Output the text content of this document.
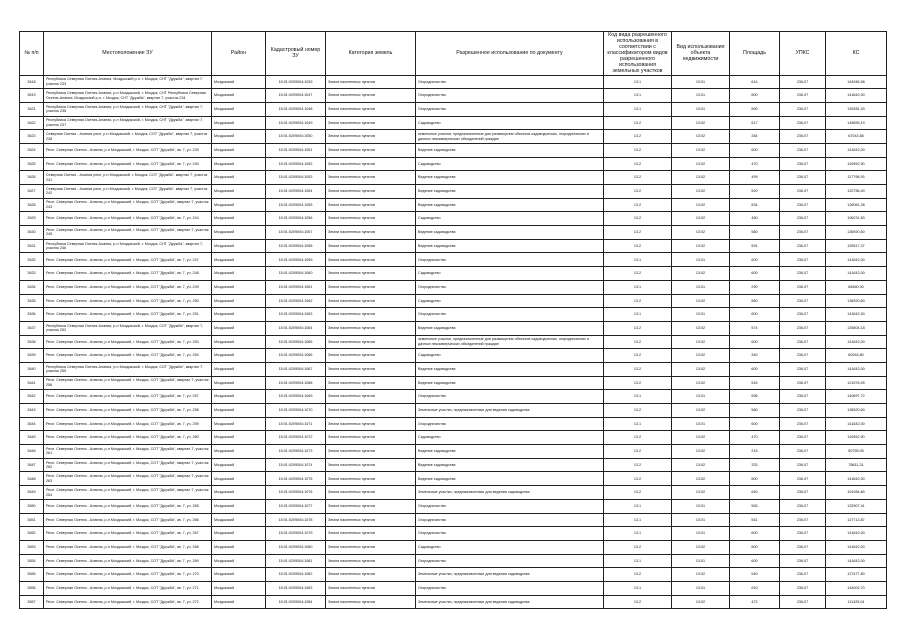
№ п/п	Местоположение ЗУ	Район	Кадастровый номер ЗУ	Категория земель	Разрешенное использование по документу	Код вида разрешенного использования в соответствии с классификатором видов разрешенного использования земельных участков	Вид использования объекта недвижимости	Площадь	УПКС	КС
3618	Республика Северная Осетия-Алания, Моздокский р-н, г. Моздок, СНТ "Дружба", квартал 7, участок 233	Моздокский	15:01:0209004:1039	Земли населенных пунктов	Огородничество	13.1	13:01	614	236,07	144946,98
3619	Республика Северная Осетия-Алания, р-н Моздокский, г. Моздок, СНТ Республика Северная Осетия-Алания, Моздокский р-н, г. Моздок, СНТ "Дружба", квартал 7, участок 234	Моздокский	15:01:0209004:1047	Земли населенных пунктов	Огородничество	13.1	13:01	600	236,07	141642,00
3621	Республика Северная Осетия-Алания, р-н Моздокский, г. Моздок, СНТ "Дружба", квартал 7, участок 236	Моздокский	15:01:0209004:1048	Земли населенных пунктов	Огородничество	13.1	13:01	590	236,07	139281,30
3622	Республика Северная Осетия-Алания, р-н Моздокский, г. Моздок, СНТ "Дружба", квартал 7, участок 237	Моздокский	15:01:0209004:1049	Земли населенных пунктов	Садоводство	13.2	13:02	617	236,07	145655,19
3623	Северная Осетия - Алания респ, р-н Моздокский, г. Моздок, СОТ "Дружба", квартал 7, участок 238	Моздокский	15:01:0209004:1050	Земли населенных пунктов	земельные участки, предназначенные для размещения объектов садоводческих, огороднических и дачных некоммерческих объединений граждан	13.2	13:02	284	236,07	67043,88
3624	Респ. Северная Осетия - Алания, р-н Моздокский, г. Моздок, СОТ "Дружба", кв. 7, уч. 239	Моздокский	15:01:0209004:1051	Земли населенных пунктов	Ведение садоводства	13.2	13:02	600	236,07	141642,00
3625	Респ. Северная Осетия - Алания, р-н Моздокский, г. Моздок, СОТ "Дружба", кв. 7, уч. 240	Моздокский	15:01:0209004:1052	Земли населенных пунктов	Садоводство	13.2	13:02	470	236,07	110952,90
3626	Северная Осетия - Алания респ, р-н Моздокский, г. Моздок, СОТ "Дружба", квартал 7, участок 241	Моздокский	15:01:0209004:1053	Земли населенных пунктов	Ведение садоводства	13.2	13:02	499	236,07	117798,93
3627	Северная Осетия - Алания респ, р-н Моздокский, г. Моздок, СОТ "Дружба", квартал 7, участок 242	Моздокский	15:01:0209004:1054	Земли населенных пунктов	Ведение садоводства	13.2	13:02	520	236,07	122756,40
3628	Респ. Северная Осетия - Алания, р-н Моздокский, г. Моздок, СОТ "Дружба", квартал 7, участок 243	Моздокский	15:01:0209004:1055	Земли населенных пунктов	Ведение садоводства	13.2	13:02	534	236,07	126061,38
3629	Респ. Северная Осетия - Алания, р-н Моздокский, г. Моздок, СОТ "Дружба", кв. 7, уч. 244	Моздокский	15:01:0209004:1056	Земли населенных пунктов	Садоводство	13.2	13:02	450	236,07	106231,50
3630	Респ. Северная Осетия - Алания, р-н Моздокский, г. Моздок, СОТ "Дружба", квартал 7, участок 245	Моздокский	15:01:0209004:1057	Земли населенных пунктов	Ведение садоводства	13.2	13:02	580	236,07	136920,60
3631	Республика Северная Осетия-Алания, р-н Моздокский, г. Моздок, СНТ "Дружба", квартал 7, участок 246	Моздокский	15:01:0209004:1058	Земли населенных пунктов	Ведение садоводства	13.2	13:02	591	236,07	139517,37
3632	Респ. Северная Осетия - Алания, р-н Моздокский, г. Моздок, СОТ "Дружба", кв. 7, уч. 247	Моздокский	15:01:0209004:1059	Земли населенных пунктов	Огородничество	13.1	13:01	600	236,07	141642,00
3633	Респ. Северная Осетия - Алания, р-н Моздокский, г. Моздок, СОТ "Дружба", кв. 7, уч. 248	Моздокский	15:01:0209004:1060	Земли населенных пунктов	Садоводство	13.2	13:02	600	236,07	141642,00
3634	Респ. Северная Осетия - Алания, р-н Моздокский, г. Моздок, СОТ "Дружба", кв. 7, уч. 249	Моздокский	15:01:0209004:1061	Земли населенных пунктов	Огородничество	13.1	13:01	290	236,07	68460,30
3635	Респ. Северная Осетия - Алания, р-н Моздокский, г. Моздок, СОТ "Дружба", кв. 7, уч. 250	Моздокский	15:01:0209004:1062	Земли населенных пунктов	Садоводство	13.2	13:02	580	236,07	136920,60
3636	Респ. Северная Осетия - Алания, р-н Моздокский, г. Моздок, СОТ "Дружба", кв. 7, уч. 251	Моздокский	15:01:0209004:1063	Земли населенных пунктов	Огородничество	13.1	13:01	600	236,07	141642,00
3637	Республика Северная Осетия-Алания, р-н Моздокский, г. Моздок, СОТ "Дружба", квартал 7, участок 252	Моздокский	15:01:0209004:1064	Земли населенных пунктов	Ведение садоводства	13.2	13:02	574	236,07	135504,18
3638	Респ. Северная Осетия - Алания, р-н Моздокский, г. Моздок, СОТ "Дружба", кв. 7, уч. 253	Моздокский	15:01:0209004:1065	Земли населенных пунктов	земельные участки, предназначенные для размещения объектов садоводческих, огороднических и дачных некоммерческих объединений граждан	13.2	13:02	600	236,07	141642,00
3639	Респ. Северная Осетия - Алания, р-н Моздокский, г. Моздок, СОТ "Дружба", кв. 7, уч. 254	Моздокский	15:01:0209004:1066	Земли населенных пунктов	Садоводство	13.2	13:02	340	236,07	80263,80
3640	Республика Северная Осетия-Алания, р-н Моздокский, г. Моздок, СОТ "Дружба", квартал 7, участок 255	Моздокский	15:01:0209004:1067	Земли населенных пунктов	Ведение садоводства	13.2	13:02	600	236,07	141642,00
3641	Респ. Северная Осетия - Алания, р-н Моздокский, г. Моздок, СОТ "Дружба", квартал 7, участок 256	Моздокский	15:01:0209004:1068	Земли населенных пунктов	Ведение садоводства	13.2	13:02	515	236,07	121576,05
3642	Респ. Северная Осетия - Алания, р-н Моздокский, г. Моздок, СОТ "Дружба", кв. 7, уч. 257	Моздокский	15:01:0209004:1069	Земли населенных пунктов	Огородничество	13.1	13:01	596	236,07	140697,72
3643	Респ. Северная Осетия - Алания, р-н Моздокский, г. Моздок, СОТ "Дружба", кв. 7, уч. 258	Моздокский	15:01:0209004:1070	Земли населенных пунктов	Земельные участки, предназначенные для ведения садоводства	13.2	13:02	580	236,07	136920,60
3644	Респ. Северная Осетия - Алания, р-н Моздокский, г. Моздок, СОТ "Дружба", кв. 7, уч. 259	Моздокский	15:01:0209004:1071	Земли населенных пунктов	Огородничество	13.1	13:01	600	236,07	141642,00
3645	Респ. Северная Осетия - Алания, р-н Моздокский, г. Моздок, СОТ "Дружба", кв. 7, уч. 260	Моздокский	15:01:0209004:1072	Земли населенных пунктов	Садоводство	13.2	13:02	470	236,07	110952,90
3646	Респ. Северная Осетия - Алания, р-н Моздокский, г. Моздок, СОТ "Дружба", квартал 7, участок 261	Моздокский	15:01:0209004:1073	Земли населенных пунктов	Ведение садоводства	13.2	13:02	215	236,07	50755,05
3647	Респ. Северная Осетия - Алания, р-н Моздокский, г. Моздок, СОТ "Дружба", квартал 7, участок 262	Моздокский	15:01:0209004:1074	Земли населенных пунктов	Ведение садоводства	13.2	13:02	333	236,07	78611,31
3648	Респ. Северная Осетия - Алания, р-н Моздокский, г. Моздок, СОТ "Дружба", квартал 7, участок 263	Моздокский	15:01:0209004:1075	Земли населенных пунктов	Ведение садоводства	13.2	13:02	600	236,07	141642,00
3649	Респ. Северная Осетия - Алания, р-н Моздокский, г. Моздок, СОТ "Дружба", квартал 7, участок 264	Моздокский	15:01:0209004:1076	Земли населенных пунктов	Земельные участки, предназначенные для ведения садоводства	13.2	13:02	640	236,07	151084,80
3650	Респ. Северная Осетия - Алания, р-н Моздокский, г. Моздок, СОТ "Дружба", кв. 7, уч. 265	Моздокский	15:01:0209004:1077	Земли населенных пунктов	Огородничество	13.1	13:01	563	236,07	132907,41
3651	Респ. Северная Осетия - Алания, р-н Моздокский, г. Моздок, СОТ "Дружба", кв. 7, уч. 266	Моздокский	15:01:0209004:1078	Земли населенных пунктов	Огородничество	13.1	13:01	541	236,07	127713,87
3652	Респ. Северная Осетия - Алания, р-н Моздокский, г. Моздок, СОТ "Дружба", кв. 7, уч. 267	Моздокский	15:01:0209004:1079	Земли населенных пунктов	Огородничество	13.1	13:01	600	236,07	141642,00
3653	Респ. Северная Осетия - Алания, р-н Моздокский, г. Моздок, СОТ "Дружба", кв. 7, уч. 268	Моздокский	15:01:0209004:1080	Земли населенных пунктов	Садоводство	13.2	13:02	600	236,07	141642,00
3654	Респ. Северная Осетия - Алания, р-н Моздокский, г. Моздок, СОТ "Дружба", кв. 7, уч. 269	Моздокский	15:01:0209004:1081	Земли населенных пунктов	Огородничество	13.1	13:01	600	236,07	141642,00
3655	Респ. Северная Осетия - Алания, р-н Моздокский, г. Моздок, СОТ "Дружба", кв. 7, уч. 270	Моздокский	15:01:0209004:1082	Земли населенных пунктов	Земельные участки, предназначенные для ведения садоводства	13.2	13:02	540	236,07	127477,80
3656	Респ. Северная Осетия - Алания, р-н Моздокский, г. Моздок, СОТ "Дружба", кв. 7, уч. 271	Моздокский	15:01:0209004:1083	Земли населенных пунктов	Огородничество	13.1	13:01	610	236,07	144002,70
3657	Респ. Северная Осетия - Алания, р-н Моздокский, г. Моздок, СОТ "Дружба", кв. 7, уч. 272	Моздокский	15:01:0209004:1084	Земли населенных пунктов	Земельные участки, предназначенные для ведения садоводства	13.2	13:02	472	236,07	111425,04
